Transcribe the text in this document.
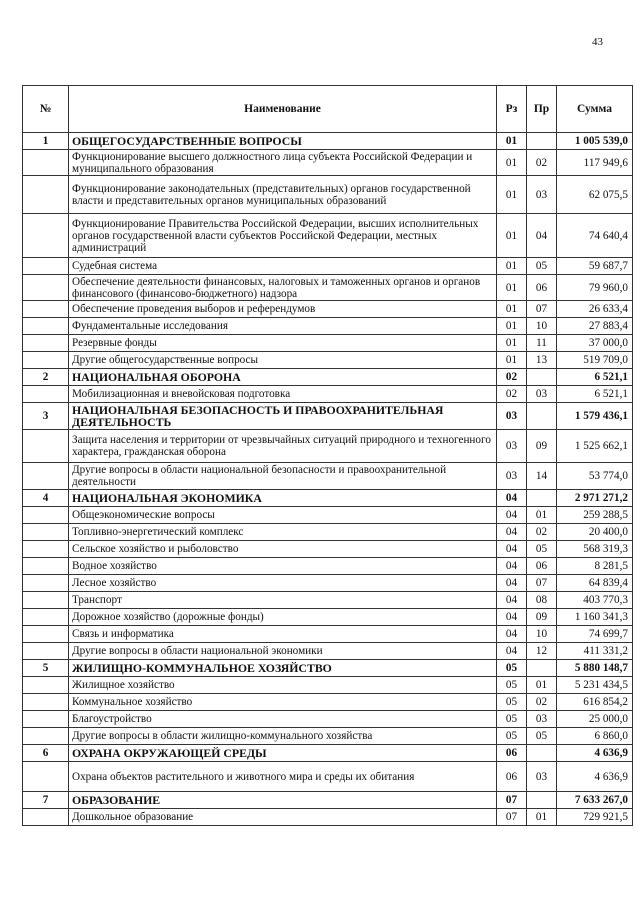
43
№	Наименование	Рз	Пр	Сумма
1	ОБЩЕГОСУДАРСТВЕННЫЕ ВОПРОСЫ	01		1 005 539,0
	Функционирование высшего должностного лица субъекта Российской Федерации и муниципального образования	01	02	117 949,6
	Функционирование законодательных (представительных) органов государственной власти и представительных органов муниципальных образований	01	03	62 075,5
	Функционирование Правительства Российской Федерации, высших исполнительных органов государственной власти субъектов Российской Федерации, местных администраций	01	04	74 640,4
	Судебная система	01	05	59 687,7
	Обеспечение деятельности финансовых, налоговых и таможенных органов и органов финансового (финансово-бюджетного) надзора	01	06	79 960,0
	Обеспечение проведения выборов и референдумов	01	07	26 633,4
	Фундаментальные исследования	01	10	27 883,4
	Резервные фонды	01	11	37 000,0
	Другие общегосударственные вопросы	01	13	519 709,0
2	НАЦИОНАЛЬНАЯ ОБОРОНА	02		6 521,1
	Мобилизационная и вневойсковая подготовка	02	03	6 521,1
3	НАЦИОНАЛЬНАЯ БЕЗОПАСНОСТЬ И ПРАВООХРАНИТЕЛЬНАЯ ДЕЯТЕЛЬНОСТЬ	03		1 579 436,1
	Защита населения и территории от чрезвычайных ситуаций природного и техногенного характера, гражданская оборона	03	09	1 525 662,1
	Другие вопросы в области национальной безопасности и правоохранительной деятельности	03	14	53 774,0
4	НАЦИОНАЛЬНАЯ ЭКОНОМИКА	04		2 971 271,2
	Общеэкономические вопросы	04	01	259 288,5
	Топливно-энергетический комплекс	04	02	20 400,0
	Сельское хозяйство и рыболовство	04	05	568 319,3
	Водное хозяйство	04	06	8 281,5
	Лесное хозяйство	04	07	64 839,4
	Транспорт	04	08	403 770,3
	Дорожное хозяйство (дорожные фонды)	04	09	1 160 341,3
	Связь и информатика	04	10	74 699,7
	Другие вопросы в области национальной экономики	04	12	411 331,2
5	ЖИЛИЩНО-КОММУНАЛЬНОЕ ХОЗЯЙСТВО	05		5 880 148,7
	Жилищное хозяйство	05	01	5 231 434,5
	Коммунальное хозяйство	05	02	616 854,2
	Благоустройство	05	03	25 000,0
	Другие вопросы в области жилищно-коммунального хозяйства	05	05	6 860,0
6	ОХРАНА ОКРУЖАЮЩЕЙ СРЕДЫ	06		4 636,9
	Охрана объектов растительного и животного мира и среды их обитания	06	03	4 636,9
7	ОБРАЗОВАНИЕ	07		7 633 267,0
	Дошкольное образование	07	01	729 921,5
